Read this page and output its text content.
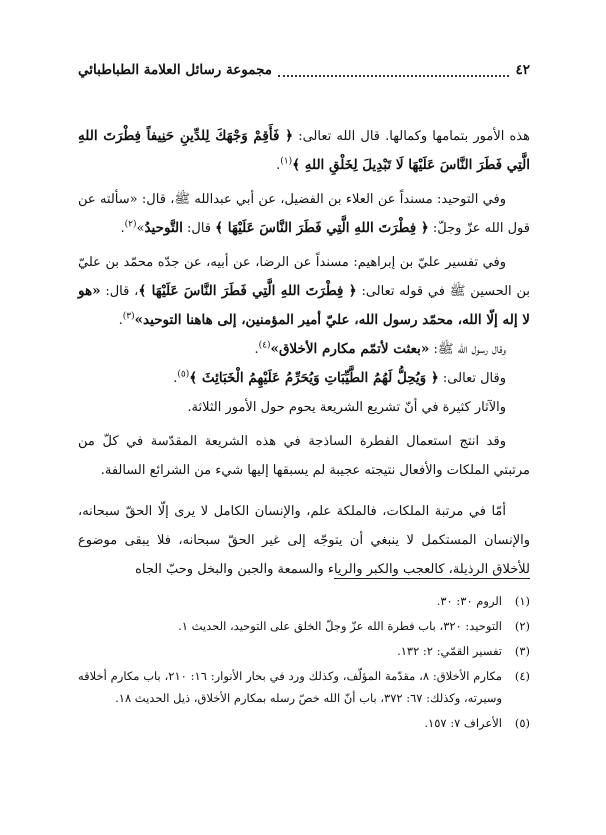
٤٢
مجموعة رسائل العلامة الطباطبائي

هذه الأمور بتمامها وكمالها. قال الله تعالى: ﴿ فَأَقِمْ وَجْهَكَ لِلدِّينِ حَنِيفاً فِطْرَتَ اللهِ الَّتِي فَطَرَ النَّاسَ عَلَيْهَا لَا تَبْدِيلَ لِخَلْقِ اللهِ ﴾$^{(١)}$.

وفي التوحيد: مسنداً عن العلاء بن الفضيل، عن أبي عبدالله ﷺ، قال: «سألته عن قول الله عزّ وجلّ: ﴿ فِطْرَتَ اللهِ الَّتِي فَطَرَ النَّاسَ عَلَيْهَا ﴾ قال: التَّوحيدُ»$^{(٢)}$.

وفي تفسير عليّ بن إبراهيم: مسنداً عن الرضا، عن أبيه، عن جدّه محمّد بن عليّ بن الحسين ﷺ في قوله تعالى: ﴿ فِطْرَتَ اللهِ الَّتِي فَطَرَ النَّاسَ عَلَيْهَا ﴾، قال: «هو لا إله إلّا الله، محمّد رسول الله، عليّ أمير المؤمنين، إلى هاهنا التوحيد»$^{(٣)}$.

وقال رسول الله ﷺ: «بعثت لأتمّم مكارم الأخلاق»$^{(٤)}$.

وقال تعالى: ﴿ وَيُحِلُّ لَهُمُ الطَّيِّبَاتِ وَيُحَرِّمُ عَلَيْهِمُ الْخَبَائِثَ ﴾$^{(٥)}$.

والآثار كثيرة في أنّ تشريع الشريعة يحوم حول الأمور الثلاثة.

وقد انتج استعمال الفطرة الساذجة في هذه الشريعة المقدّسة في كلّ من مرتبتي الملكات والأفعال نتيجته عجيبة لم يسبقها إليها شيء من الشرائع السالفة.

أمّا في مرتبة الملكات، فالملكة علم، والإنسان الكامل لا يرى إلّا الحقّ سبحانه، والإنسان المستكمل لا ينبغي أن يتوجّه إلى غير الحقّ سبحانه، فلا يبقى موضوع للأخلاق الرذيلة، كالعجب والكبر والرياء والسمعة والجبن والبخل وحبّ الجاه

(١)
الروم ٣٠: ٣٠.
(٢)
التوحيد: ٣٢٠، باب فطرة الله عزّ وجلّ الخلق على التوحيد، الحديث ١.
(٣)
تفسير القمّي: ٢: ١٣٢.
(٤)
مكارم الأخلاق: ٨، مقدّمة المؤلّف، وكذلك ورد في بحار الأنوار: ١٦: ٢١٠، باب مكارم أخلاقه وسيرته، وكذلك: ٦٧: ٣٧٢، باب أنّ الله خصّ رسله بمكارم الأخلاق، ذيل الحديث ١٨.
(٥)
الأعراف ٧: ١٥٧.
